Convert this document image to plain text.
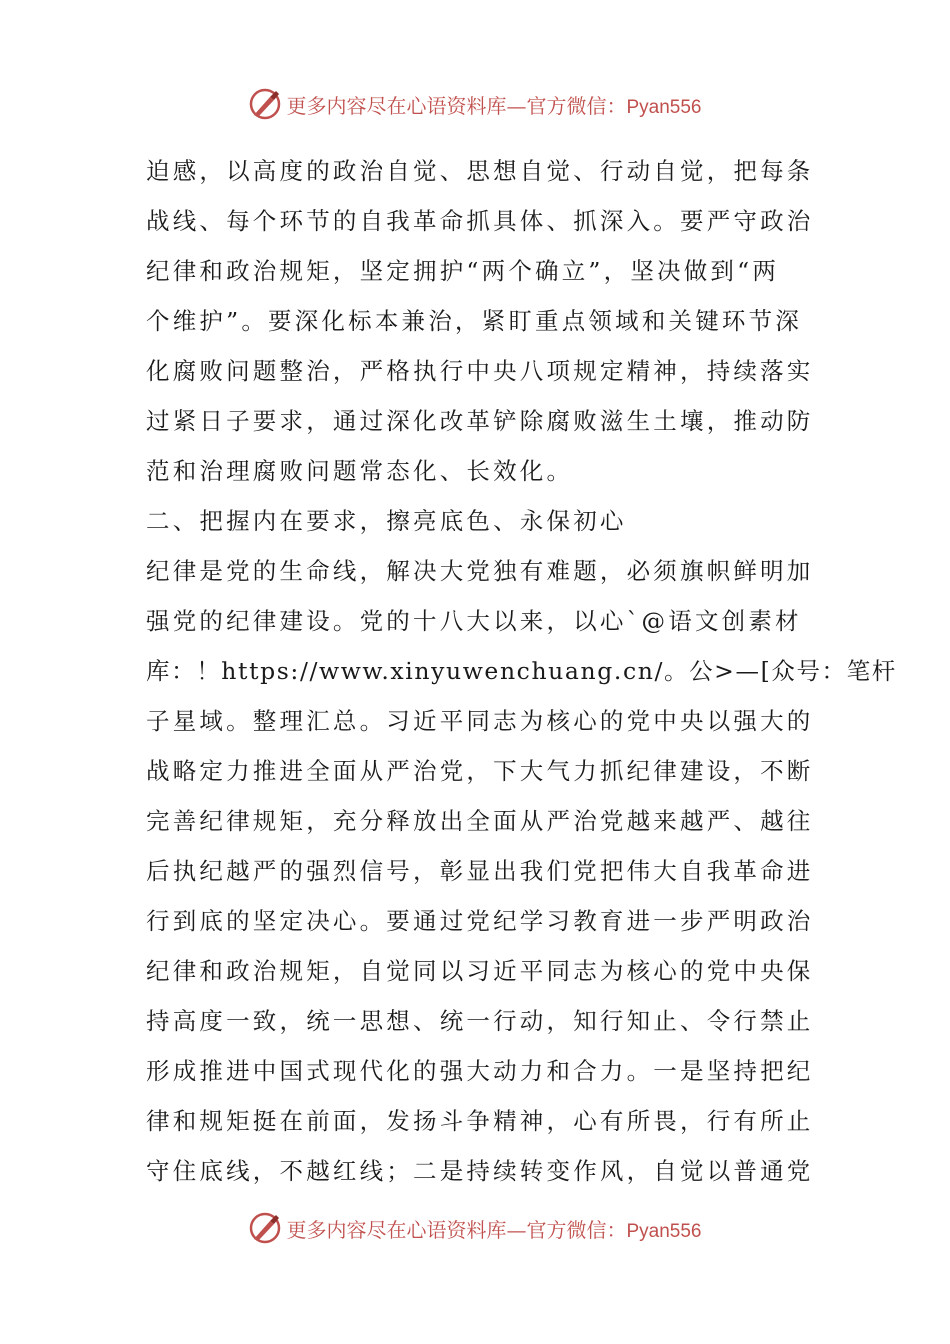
更多内容尽在心语资料库—官方微信：Pyan556
迫感，以高度的政治自觉、思想自觉、行动自觉，把每条
战线、每个环节的自我革命抓具体、抓深入。要严守政治
纪律和政治规矩，坚定拥护“两个确立”，坚决做到“两
个维护”。要深化标本兼治，紧盯重点领域和关键环节深
化腐败问题整治，严格执行中央八项规定精神，持续落实
过紧日子要求，通过深化改革铲除腐败滋生土壤，推动防
范和治理腐败问题常态化、长效化。
二、把握内在要求，擦亮底色、永保初心
纪律是党的生命线，解决大党独有难题，必须旗帜鲜明加
强党的纪律建设。党的十八大以来，以心`@语文创素材
库：！https://www.xinyuwenchuang.cn/。公>—[众号：笔杆
子星域。整理汇总。习近平同志为核心的党中央以强大的
战略定力推进全面从严治党，下大气力抓纪律建设，不断
完善纪律规矩，充分释放出全面从严治党越来越严、越往
后执纪越严的强烈信号，彰显出我们党把伟大自我革命进
行到底的坚定决心。要通过党纪学习教育进一步严明政治
纪律和政治规矩，自觉同以习近平同志为核心的党中央保
持高度一致，统一思想、统一行动，知行知止、令行禁止
形成推进中国式现代化的强大动力和合力。一是坚持把纪
律和规矩挺在前面，发扬斗争精神，心有所畏，行有所止
守住底线，不越红线；二是持续转变作风，自觉以普通党
更多内容尽在心语资料库—官方微信：Pyan556
